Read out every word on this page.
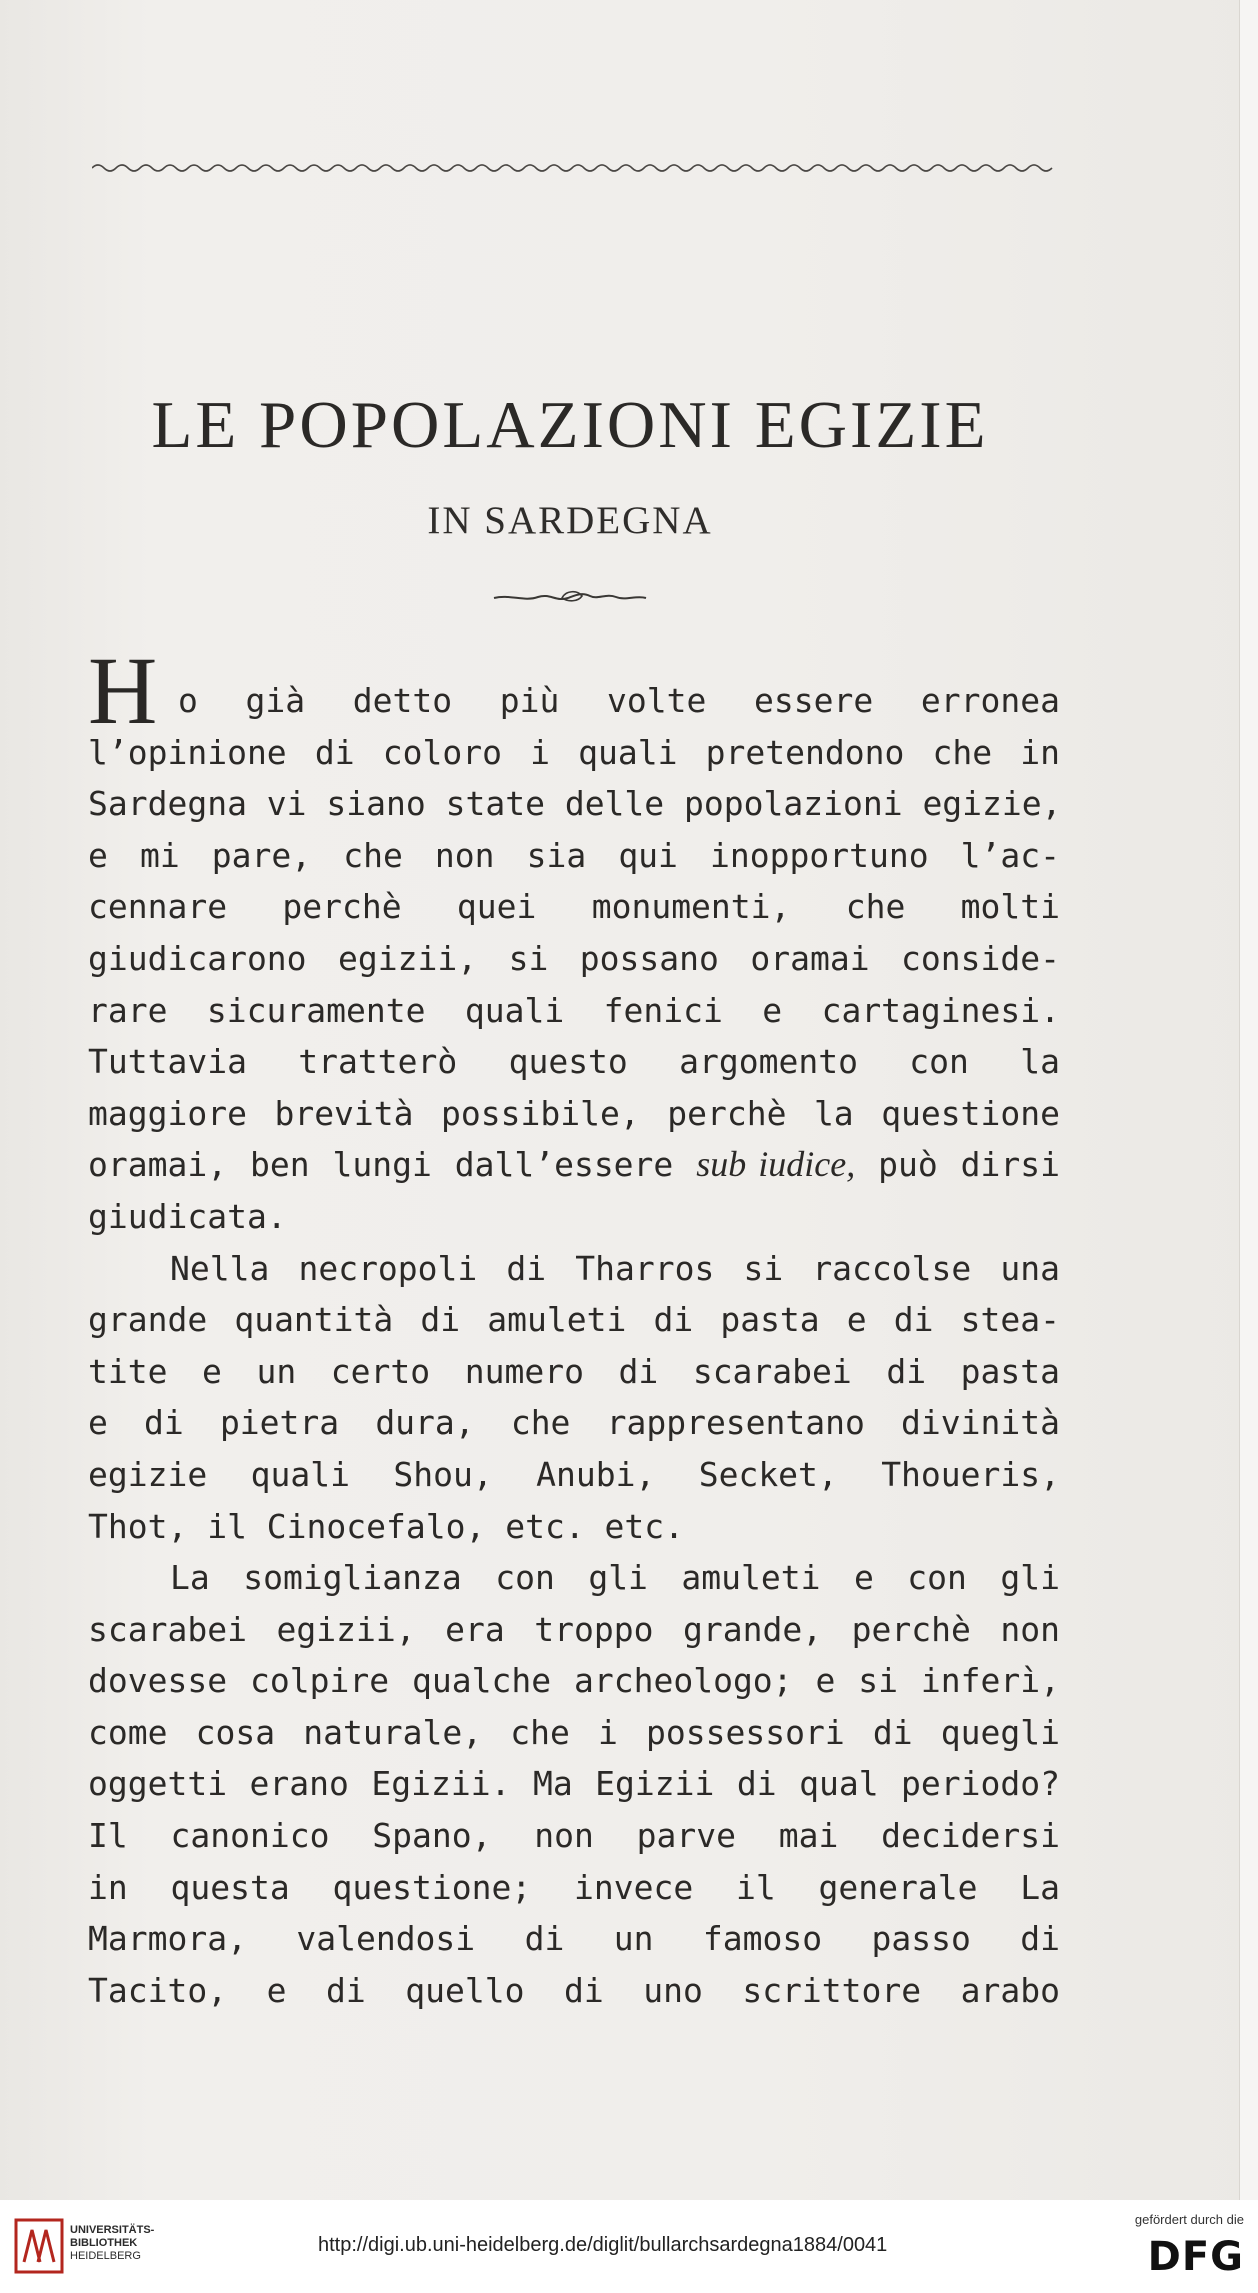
LE POPOLAZIONI EGIZIE
IN SARDEGNA
H o già detto più volte essere erronea
l’opinione di coloro i quali pretendono che in
Sardegna vi siano state delle popolazioni egizie,
e mi pare, che non sia qui inopportuno l’ac-
cennare perchè quei monumenti, che molti
giudicarono egizii, si possano oramai conside-
rare sicuramente quali fenici e cartaginesi.
Tuttavia tratterò questo argomento con la
maggiore brevità possibile, perchè la questione
oramai, ben lungi dall’essere sub iudice, può dirsi
giudicata.
Nella necropoli di Tharros si raccolse una
grande quantità di amuleti di pasta e di stea-
tite e un certo numero di scarabei di pasta
e di pietra dura, che rappresentano divinità
egizie quali Shou, Anubi, Secket, Thoueris,
Thot, il Cinocefalo, etc. etc.
La somiglianza con gli amuleti e con gli
scarabei egizii, era troppo grande, perchè non
dovesse colpire qualche archeologo; e si inferì,
come cosa naturale, che i possessori di quegli
oggetti erano Egizii. Ma Egizii di qual periodo?
Il canonico Spano, non parve mai decidersi
in questa questione; invece il generale La
Marmora, valendosi di un famoso passo di
Tacito, e di quello di uno scrittore arabo
UNIVERSITÄTS-
BIBLIOTHEK
HEIDELBERG	http://digi.ub.uni-heidelberg.de/diglit/bullarchsardegna1884/0041
gefördert durch die
DFG
